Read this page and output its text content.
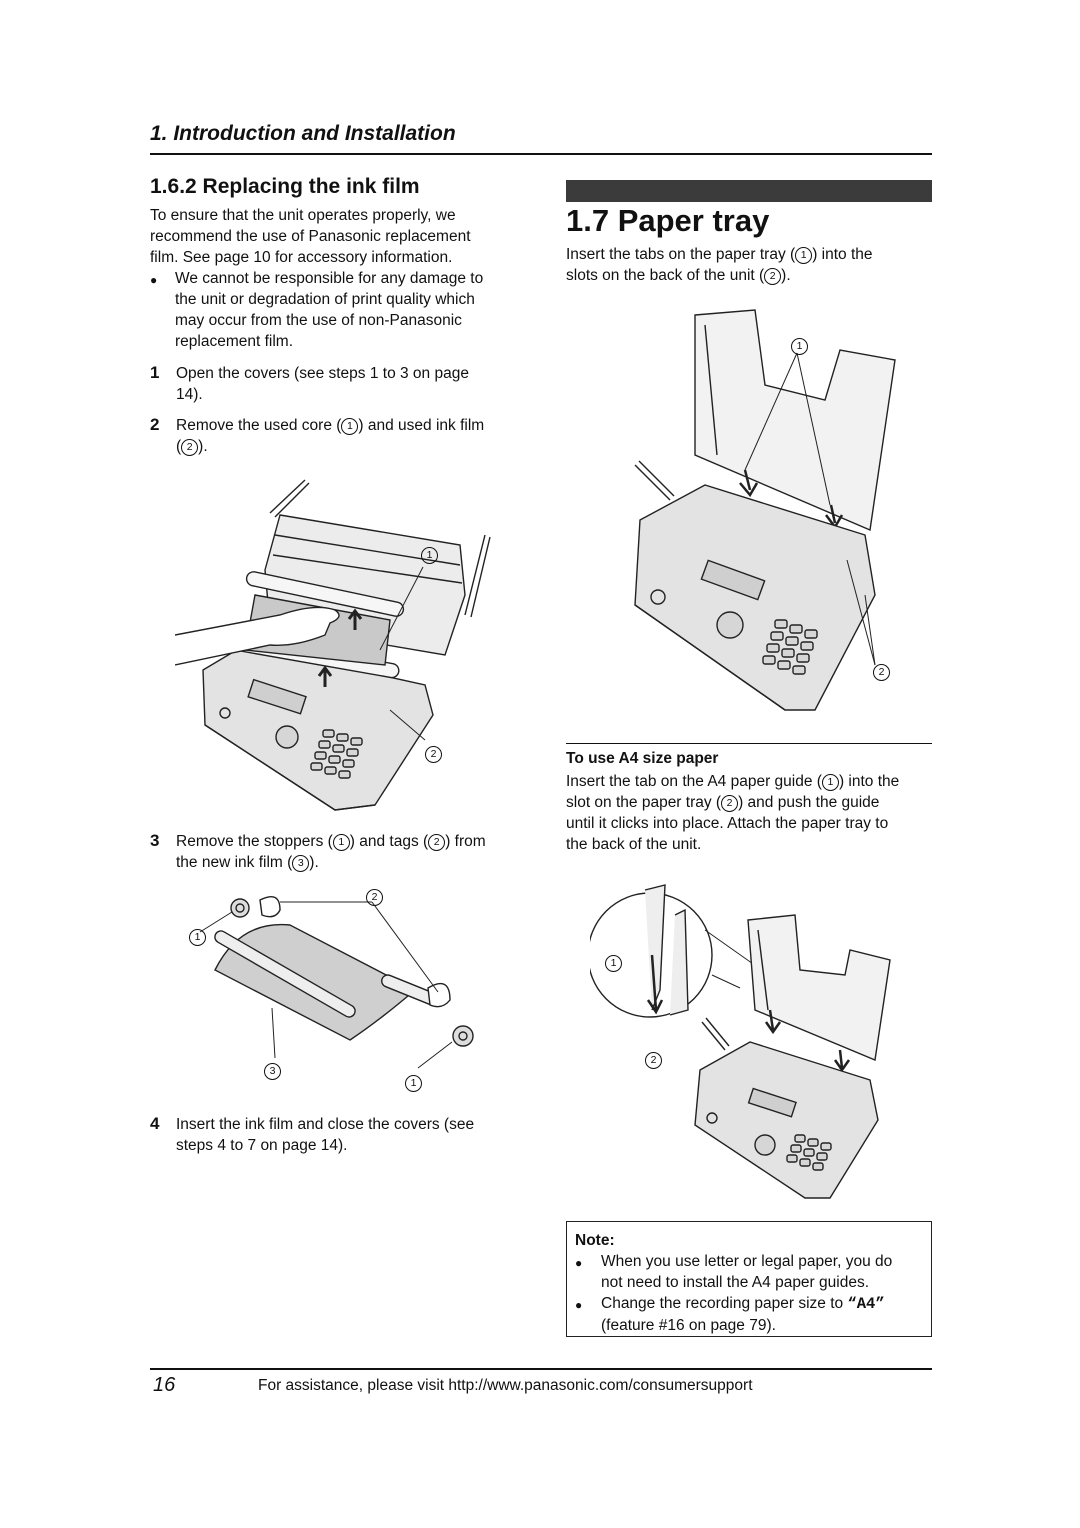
1. Introduction and Installation
1.6.2 Replacing the ink film
To ensure that the unit operates properly, we
recommend the use of Panasonic replacement
film. See page 10 for accessory information.
● We cannot be responsible for any damage to
the unit or degradation of print quality which
may occur from the use of non-Panasonic
replacement film.
1 Open the covers (see steps 1 to 3 on page
14).
2 Remove the used core ( 1 ) and used ink film
( 2 ).
1
2
3 Remove the stoppers ( 1 ) and tags ( 2 ) from
the new ink film ( 3 ).
2
1
3
1
4 Insert the ink film and close the covers (see
steps 4 to 7 on page 14).
1.7 Paper tray
Insert the tabs on the paper tray ( 1 ) into the
slots on the back of the unit ( 2 ).
1
2
To use A4 size paper
Insert the tab on the A4 paper guide ( 1 ) into the
slot on the paper tray ( 2 ) and push the guide
until it clicks into place. Attach the paper tray to
the back of the unit.
1
2
Note:
● When you use letter or legal paper, you do
not need to install the A4 paper guides.
● Change the recording paper size to “A4”
(feature #16 on page 79).
16	For assistance, please visit http://www.panasonic.com/consumersupport
